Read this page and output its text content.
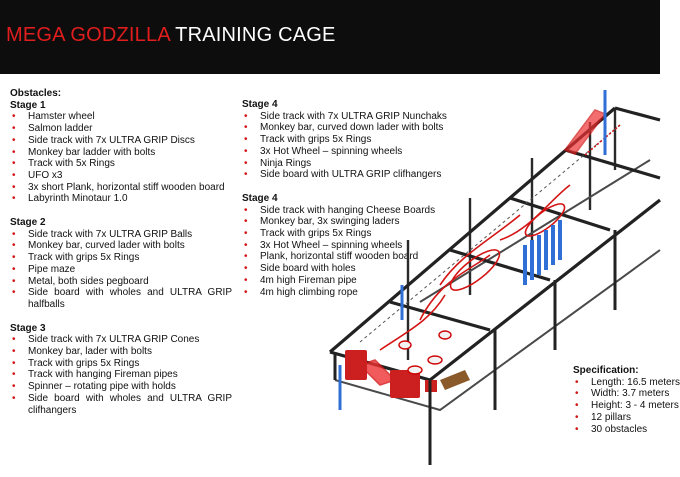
MEGA GODZILLA TRAINING CAGE
Obstacles:
Stage 1
• Hamster wheel
• Salmon ladder
• Side track with 7x ULTRA GRIP Discs
• Monkey bar ladder with bolts
• Track with 5x Rings
• UFO x3
• 3x short Plank, horizontal stiff wooden board
• Labyrinth Minotaur 1.0
Stage 2
• Side track with 7x ULTRA GRIP Balls
• Monkey bar, curved lader with bolts
• Track with grips 5x Rings
• Pipe maze
• Metal, both sides pegboard
• Side board with wholes and ULTRA GRIP
halfballs
Stage 3
• Side track with 7x ULTRA GRIP Cones
• Monkey bar, lader with bolts
• Track with grips 5x Rings
• Track with hanging Fireman pipes
• Spinner – rotating pipe with holds
• Side board with wholes and ULTRA GRIP
clifhangers
Stage 4
• Side track with 7x ULTRA GRIP Nunchaks
• Monkey bar, curved down lader with bolts
• Track with grips 5x Rings
• 3x Hot Wheel – spinning wheels
• Ninja Rings
• Side board with ULTRA GRIP clifhangers
Stage 4
• Side track with hanging Cheese Boards
• Monkey bar, 3x swinging laders
• Track with grips 5x Rings
• 3x Hot Wheel – spinning wheels
• Plank, horizontal stiff wooden board
• Side board with holes
• 4m high Fireman pipe
• 4m high climbing rope
Specification:
• Length: 16.5 meters
• Width: 3.7 meters
• Height: 3 - 4 meters
• 12 pillars
• 30 obstacles
